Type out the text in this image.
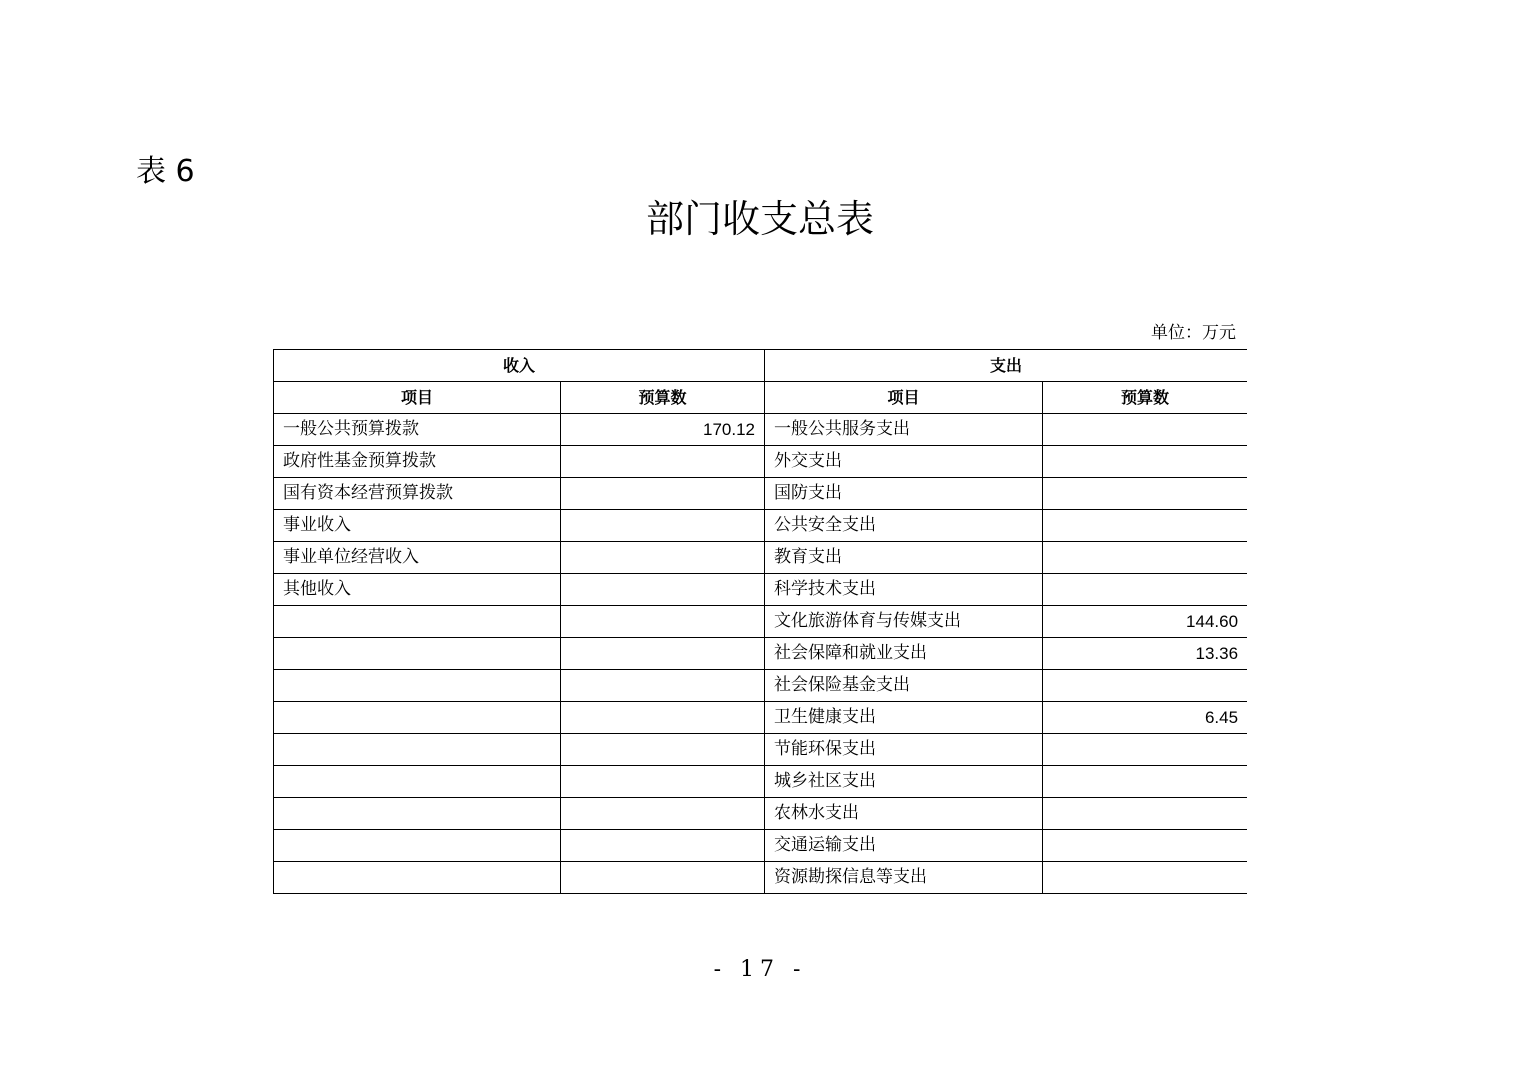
表 6
部门收支总表
单位：万元
收入		支出	
项目	预算数	项目	预算数
一般公共预算拨款	170.12	一般公共服务支出	
政府性基金预算拨款		外交支出	
国有资本经营预算拨款		国防支出	
事业收入		公共安全支出	
事业单位经营收入		教育支出	
其他收入		科学技术支出	
		文化旅游体育与传媒支出	144.60
		社会保障和就业支出	13.36
		社会保险基金支出	
		卫生健康支出	6.45
		节能环保支出	
		城乡社区支出	
		农林水支出	
		交通运输支出	
		资源勘探信息等支出	
- 17 -
